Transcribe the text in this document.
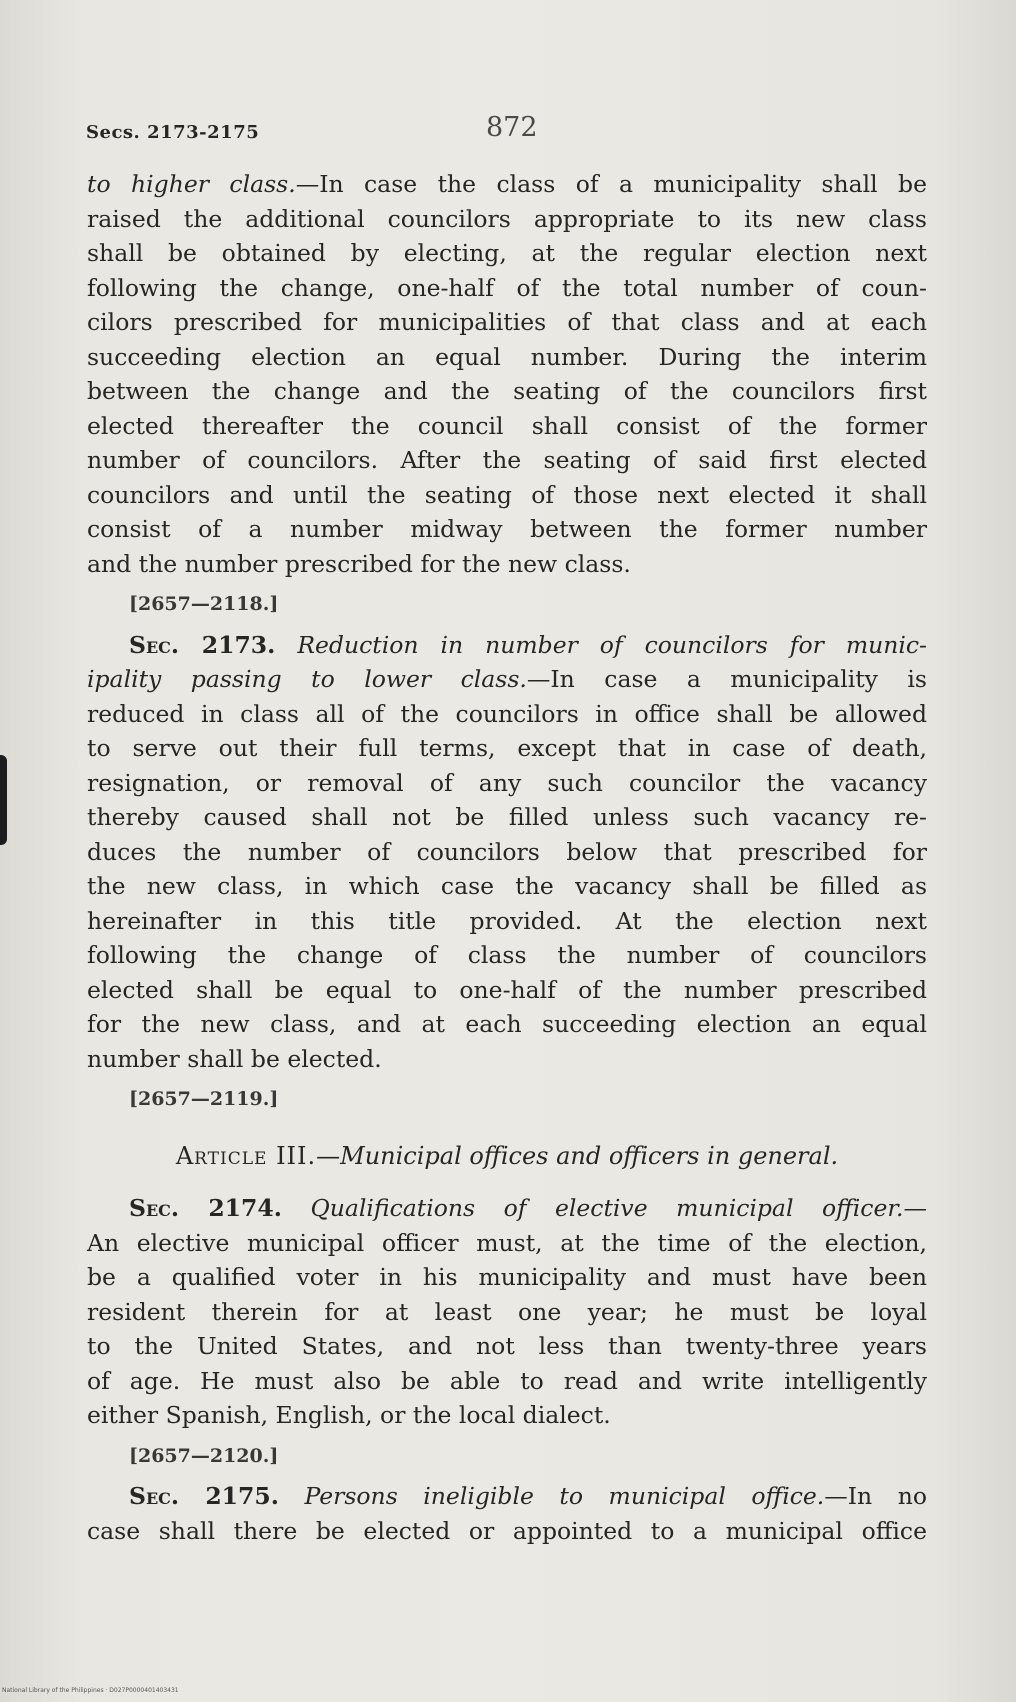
Secs. 2173-2175	872
to higher class.—In case the class of a municipality shall be
raised the additional councilors appropriate to its new class
shall be obtained by electing, at the regular election next
following the change, one-half of the total number of coun-
cilors prescribed for municipalities of that class and at each
succeeding election an equal number. During the interim
between the change and the seating of the councilors first
elected thereafter the council shall consist of the former
number of councilors. After the seating of said first elected
councilors and until the seating of those next elected it shall
consist of a number midway between the former number
and the number prescribed for the new class.
[2657—2118.]
Sec. 2173. Reduction in number of councilors for munic-
ipality passing to lower class.—In case a municipality is
reduced in class all of the councilors in office shall be allowed
to serve out their full terms, except that in case of death,
resignation, or removal of any such councilor the vacancy
thereby caused shall not be filled unless such vacancy re-
duces the number of councilors below that prescribed for
the new class, in which case the vacancy shall be filled as
hereinafter in this title provided. At the election next
following the change of class the number of councilors
elected shall be equal to one-half of the number prescribed
for the new class, and at each succeeding election an equal
number shall be elected.
[2657—2119.]
Article III.—Municipal offices and officers in general.
Sec. 2174. Qualifications of elective municipal officer.—
An elective municipal officer must, at the time of the election,
be a qualified voter in his municipality and must have been
resident therein for at least one year; he must be loyal
to the United States, and not less than twenty-three years
of age. He must also be able to read and write intelligently
either Spanish, English, or the local dialect.
[2657—2120.]
Sec. 2175. Persons ineligible to municipal office.—In no
case shall there be elected or appointed to a municipal office
National Library of the Philippines · D027P0000401403431
